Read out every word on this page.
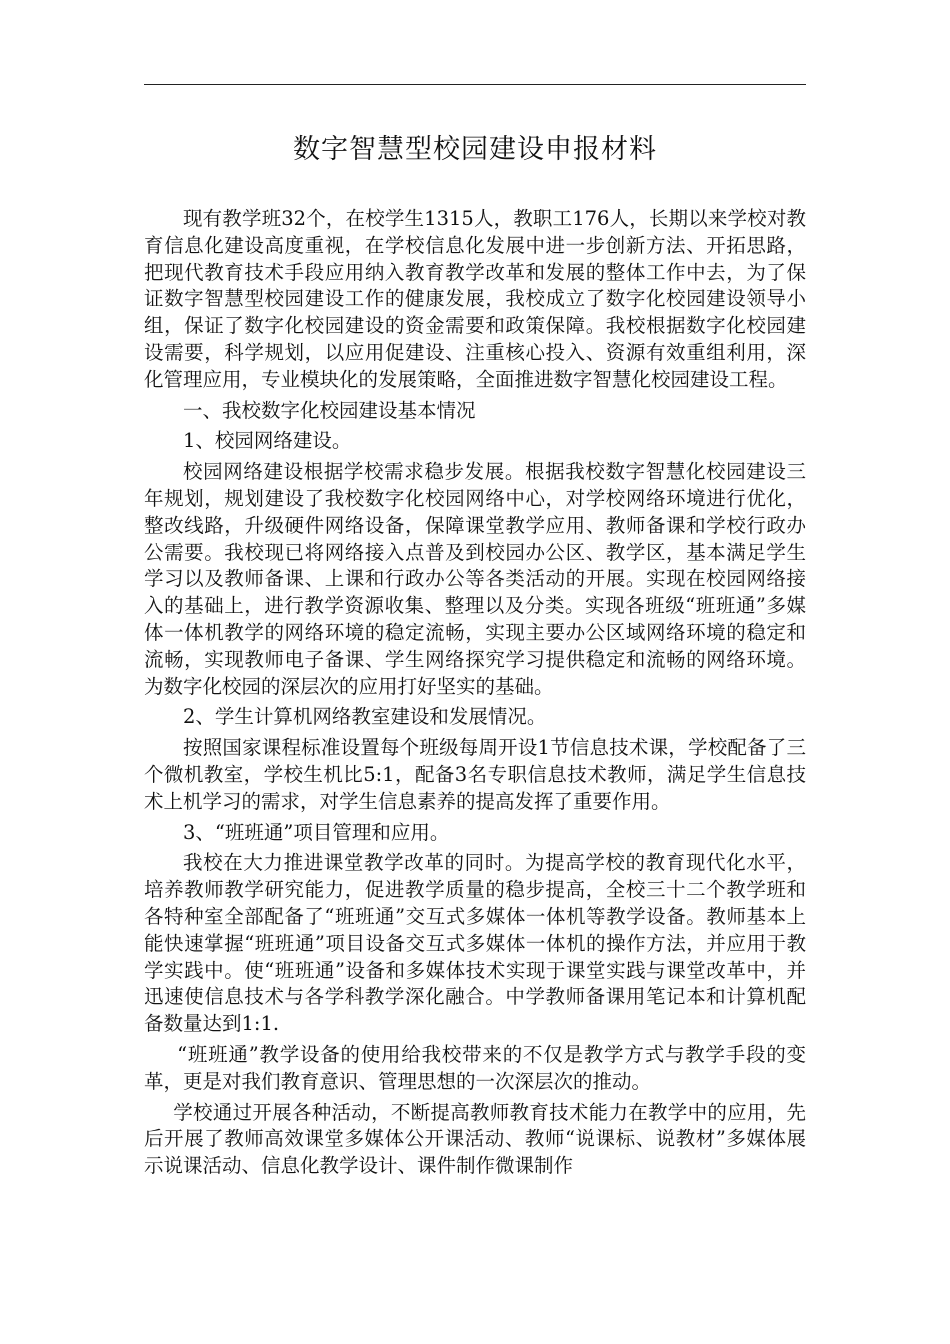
数字智慧型校园建设申报材料

现有教学班32个，在校学生1315人，教职工176人，长期以来学校对教育信息化建设高度重视，在学校信息化发展中进一步创新方法、开拓思路，把现代教育技术手段应用纳入教育教学改革和发展的整体工作中去，为了保证数字智慧型校园建设工作的健康发展，我校成立了数字化校园建设领导小组，保证了数字化校园建设的资金需要和政策保障。我校根据数字化校园建设需要，科学规划，以应用促建设、注重核心投入、资源有效重组利用，深化管理应用，专业模块化的发展策略，全面推进数字智慧化校园建设工程。

一、我校数字化校园建设基本情况

1、校园网络建设。

校园网络建设根据学校需求稳步发展。根据我校数字智慧化校园建设三年规划，规划建设了我校数字化校园网络中心，对学校网络环境进行优化，整改线路，升级硬件网络设备，保障课堂教学应用、教师备课和学校行政办公需要。我校现已将网络接入点普及到校园办公区、教学区，基本满足学生学习以及教师备课、上课和行政办公等各类活动的开展。实现在校园网络接入的基础上，进行教学资源收集、整理以及分类。实现各班级“班班通”多媒体一体机教学的网络环境的稳定流畅，实现主要办公区域网络环境的稳定和流畅，实现教师电子备课、学生网络探究学习提供稳定和流畅的网络环境。为数字化校园的深层次的应用打好坚实的基础。

2、学生计算机网络教室建设和发展情况。

按照国家课程标准设置每个班级每周开设1节信息技术课，学校配备了三个微机教室，学校生机比5:1，配备3名专职信息技术教师，满足学生信息技术上机学习的需求，对学生信息素养的提高发挥了重要作用。

3、“班班通”项目管理和应用。

我校在大力推进课堂教学改革的同时。为提高学校的教育现代化水平，培养教师教学研究能力，促进教学质量的稳步提高，全校三十二个教学班和各特种室全部配备了“班班通”交互式多媒体一体机等教学设备。教师基本上能快速掌握“班班通”项目设备交互式多媒体一体机的操作方法，并应用于教学实践中。使“班班通”设备和多媒体技术实现于课堂实践与课堂改革中，并迅速使信息技术与各学科教学深化融合。中学教师备课用笔记本和计算机配备数量达到1:1.

“班班通”教学设备的使用给我校带来的不仅是教学方式与教学手段的变革，更是对我们教育意识、管理思想的一次深层次的推动。

学校通过开展各种活动，不断提高教师教育技术能力在教学中的应用，先后开展了教师高效课堂多媒体公开课活动、教师“说课标、说教材”多媒体展示说课活动、信息化教学设计、课件制作微课制作
